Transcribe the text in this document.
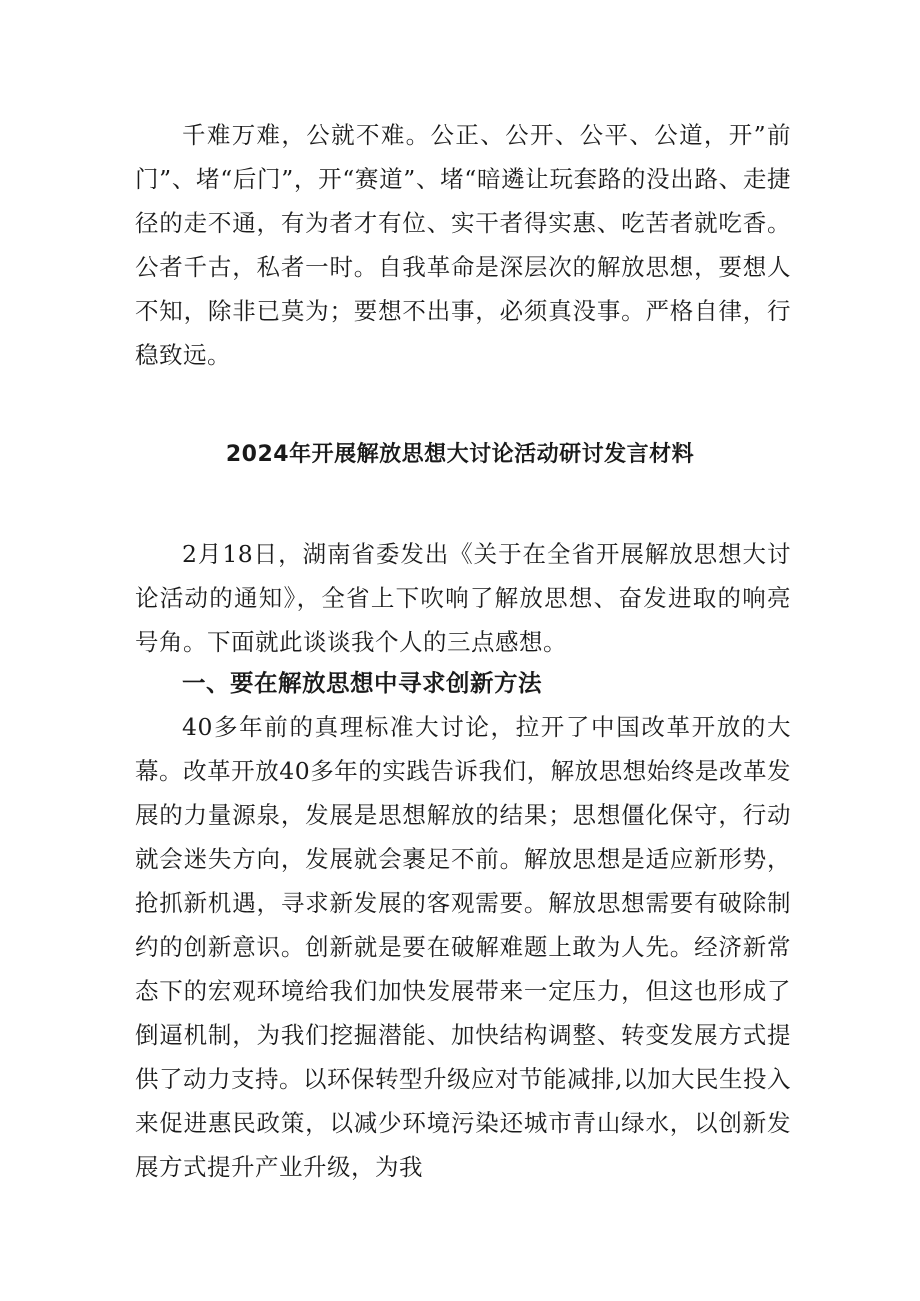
千难万难，公就不难。公正、公开、公平、公道，开”前门”、堵“后门”，开“赛道”、堵“暗遴让玩套路的没出路、走捷径的走不通，有为者才有位、实干者得实惠、吃苦者就吃香。公者千古，私者一时。自我革命是深层次的解放思想，要想人不知，除非已莫为；要想不出事，必须真没事。严格自律，行稳致远。

2024年开展解放思想大讨论活动研讨发言材料

2月18日，湖南省委发出《关于在全省开展解放思想大讨论活动的通知》，全省上下吹响了解放思想、奋发进取的响亮号角。下面就此谈谈我个人的三点感想。

一、要在解放思想中寻求创新方法

40多年前的真理标准大讨论，拉开了中国改革开放的大幕。改革开放40多年的实践告诉我们，解放思想始终是改革发展的力量源泉，发展是思想解放的结果；思想僵化保守，行动就会迷失方向，发展就会裹足不前。解放思想是适应新形势，抢抓新机遇，寻求新发展的客观需要。解放思想需要有破除制约的创新意识。创新就是要在破解难题上敢为人先。经济新常态下的宏观环境给我们加快发展带来一定压力，但这也形成了倒逼机制，为我们挖掘潜能、加快结构调整、转变发展方式提供了动力支持。以环保转型升级应对节能减排,以加大民生投入来促进惠民政策，以减少环境污染还城市青山绿水，以创新发展方式提升产业升级，为我
